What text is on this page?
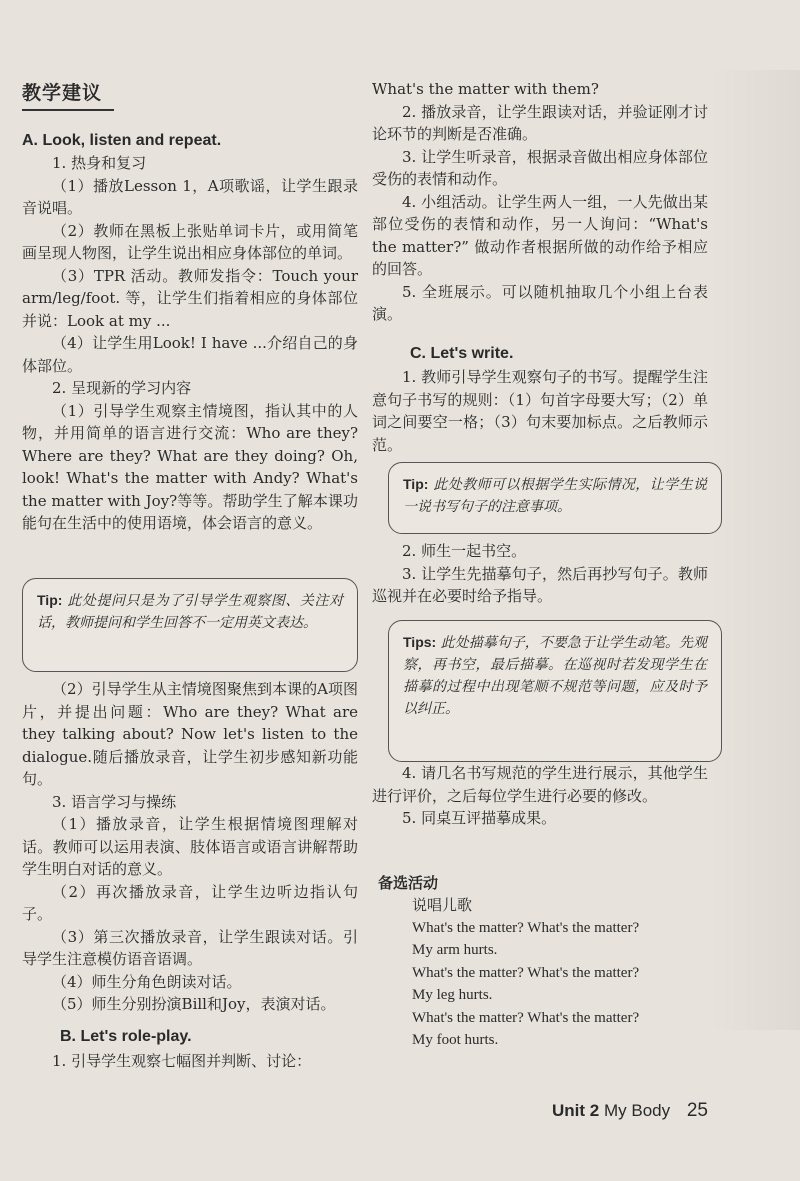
教学建议
A. Look, listen and repeat.

1. 热身和复习

（1）播放Lesson 1，A项歌谣，让学生跟录音说唱。

（2）教师在黑板上张贴单词卡片，或用简笔画呈现人物图，让学生说出相应身体部位的单词。

（3）TPR 活动。教师发指令：Touch your arm/leg/foot. 等，让学生们指着相应的身体部位并说：Look at my ...

（4）让学生用Look! I have ...介绍自己的身体部位。

2. 呈现新的学习内容

（1）引导学生观察主情境图，指认其中的人物，并用简单的语言进行交流：Who are they? Where are they? What are they doing? Oh, look! What's the matter with Andy? What's the matter with Joy?等等。帮助学生了解本课功能句在生活中的使用语境，体会语言的意义。

Tip: 此处提问只是为了引导学生观察图、关注对话，教师提问和学生回答不一定用英文表达。

（2）引导学生从主情境图聚焦到本课的A项图片，并提出问题：Who are they? What are they talking about? Now let's listen to the dialogue.随后播放录音，让学生初步感知新功能句。

3. 语言学习与操练

（1）播放录音，让学生根据情境图理解对话。教师可以运用表演、肢体语言或语言讲解帮助学生明白对话的意义。

（2）再次播放录音，让学生边听边指认句子。

（3）第三次播放录音，让学生跟读对话。引导学生注意模仿语音语调。

（4）师生分角色朗读对话。

（5）师生分别扮演Bill和Joy，表演对话。

B. Let's role-play.

1. 引导学生观察七幅图并判断、讨论：

What's the matter with them?

2. 播放录音，让学生跟读对话，并验证刚才讨论环节的判断是否准确。

3. 让学生听录音，根据录音做出相应身体部位受伤的表情和动作。

4. 小组活动。让学生两人一组，一人先做出某部位受伤的表情和动作，另一人询问：“What's the matter?” 做动作者根据所做的动作给予相应的回答。

5. 全班展示。可以随机抽取几个小组上台表演。

C. Let's write.

1. 教师引导学生观察句子的书写。提醒学生注意句子书写的规则：（1）句首字母要大写；（2）单词之间要空一格；（3）句末要加标点。之后教师示范。

Tip: 此处教师可以根据学生实际情况，让学生说一说书写句子的注意事项。

2. 师生一起书空。

3. 让学生先描摹句子，然后再抄写句子。教师巡视并在必要时给予指导。

Tips: 此处描摹句子，不要急于让学生动笔。先观察，再书空，最后描摹。在巡视时若发现学生在描摹的过程中出现笔顺不规范等问题，应及时予以纠正。

4. 请几名书写规范的学生进行展示，其他学生进行评价，之后每位学生进行必要的修改。

5. 同桌互评描摹成果。

备选活动

说唱儿歌

What's the matter? What's the matter?

My arm hurts.

What's the matter? What's the matter?

My leg hurts.

What's the matter? What's the matter?

My foot hurts.

Unit 2 My Body 25
